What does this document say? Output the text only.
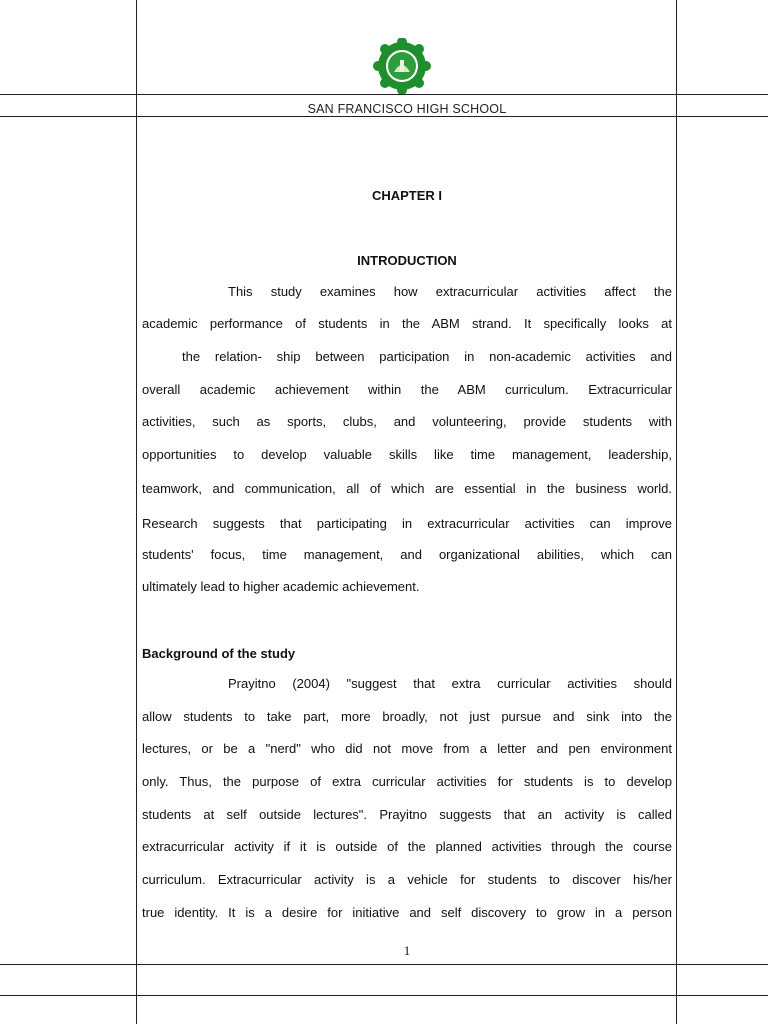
SAN FRANCISCO HIGH SCHOOL
CHAPTER I
INTRODUCTION
This study examines how extracurricular activities affect the
academic performance of students in the ABM strand. It specifically looks at
the relation- ship between participation in non-academic activities and
overall academic achievement within the ABM curriculum. Extracurricular
activities, such as sports, clubs, and volunteering, provide students with
opportunities to develop valuable skills like time management, leadership,
teamwork, and communication, all of which are essential in the business world.
Research suggests that participating in extracurricular activities can improve
students' focus, time management, and organizational abilities, which can
ultimately lead to higher academic achievement.
Background of the study
Prayitno (2004) "suggest that extra curricular activities should
allow students to take part, more broadly, not just pursue and sink into the
lectures, or be a "nerd" who did not move from a letter and pen environment
only. Thus, the purpose of extra curricular activities for students is to develop
students at self outside lectures". Prayitno suggests that an activity is called
extracurricular activity if it is outside of the planned activities through the course
curriculum. Extracurricular activity is a vehicle for students to discover his/her
true identity. It is a desire for initiative and self discovery to grow in a person
1
